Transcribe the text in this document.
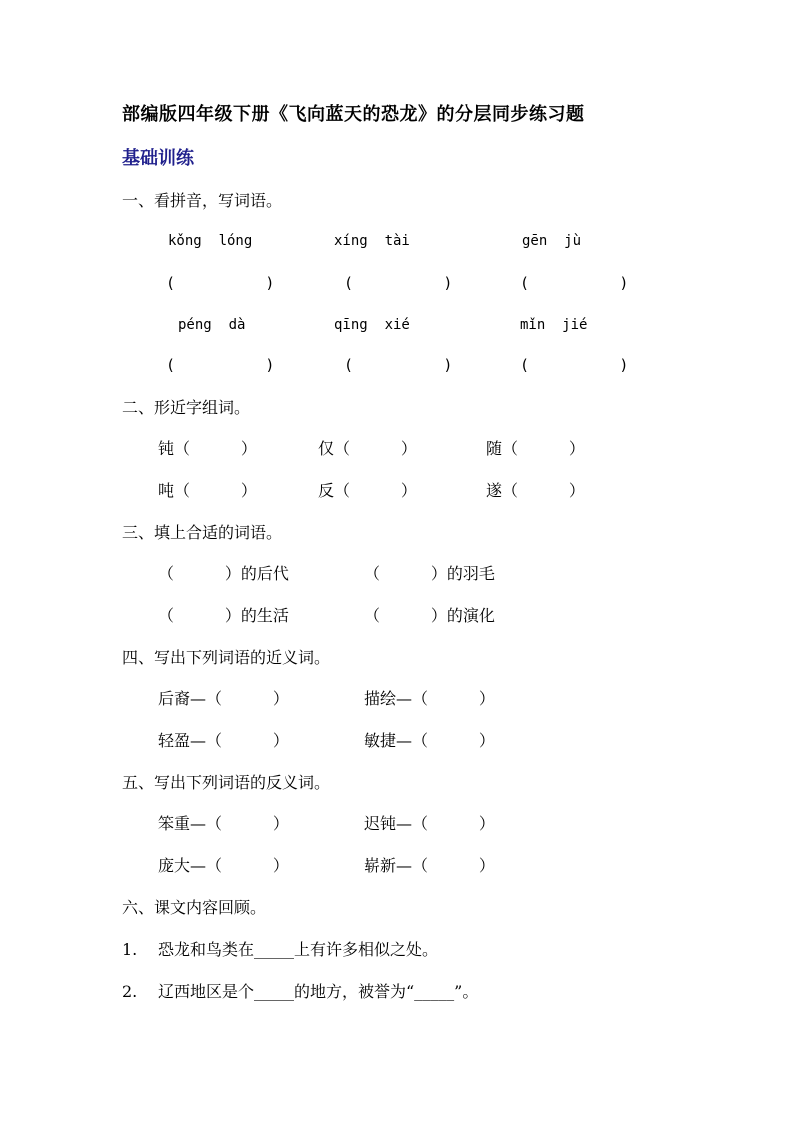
部编版四年级下册《飞向蓝天的恐龙》的分层同步练习题
基础训练
一、看拼音，写词语。
kǒng  lóng	xíng  tài	gēn  jù
(          )	(          )	(          )
péng  dà	qīng  xié	mǐn  jié
(          )	(          )	(          )
二、形近字组词。
钝（          ）	仅（          ）	随（          ）
吨（          ）	反（          ）	遂（          ）
三、填上合适的词语。
（          ）的后代	（          ）的羽毛
（          ）的生活	（          ）的演化
四、写出下列词语的近义词。
后裔—（          ）	描绘—（          ）
轻盈—（          ）	敏捷—（          ）
五、写出下列词语的反义词。
笨重—（          ）	迟钝—（          ）
庞大—（          ）	崭新—（          ）
六、课文内容回顾。
1. 恐龙和鸟类在_____上有许多相似之处。
2. 辽西地区是个_____的地方，被誉为“_____”。
